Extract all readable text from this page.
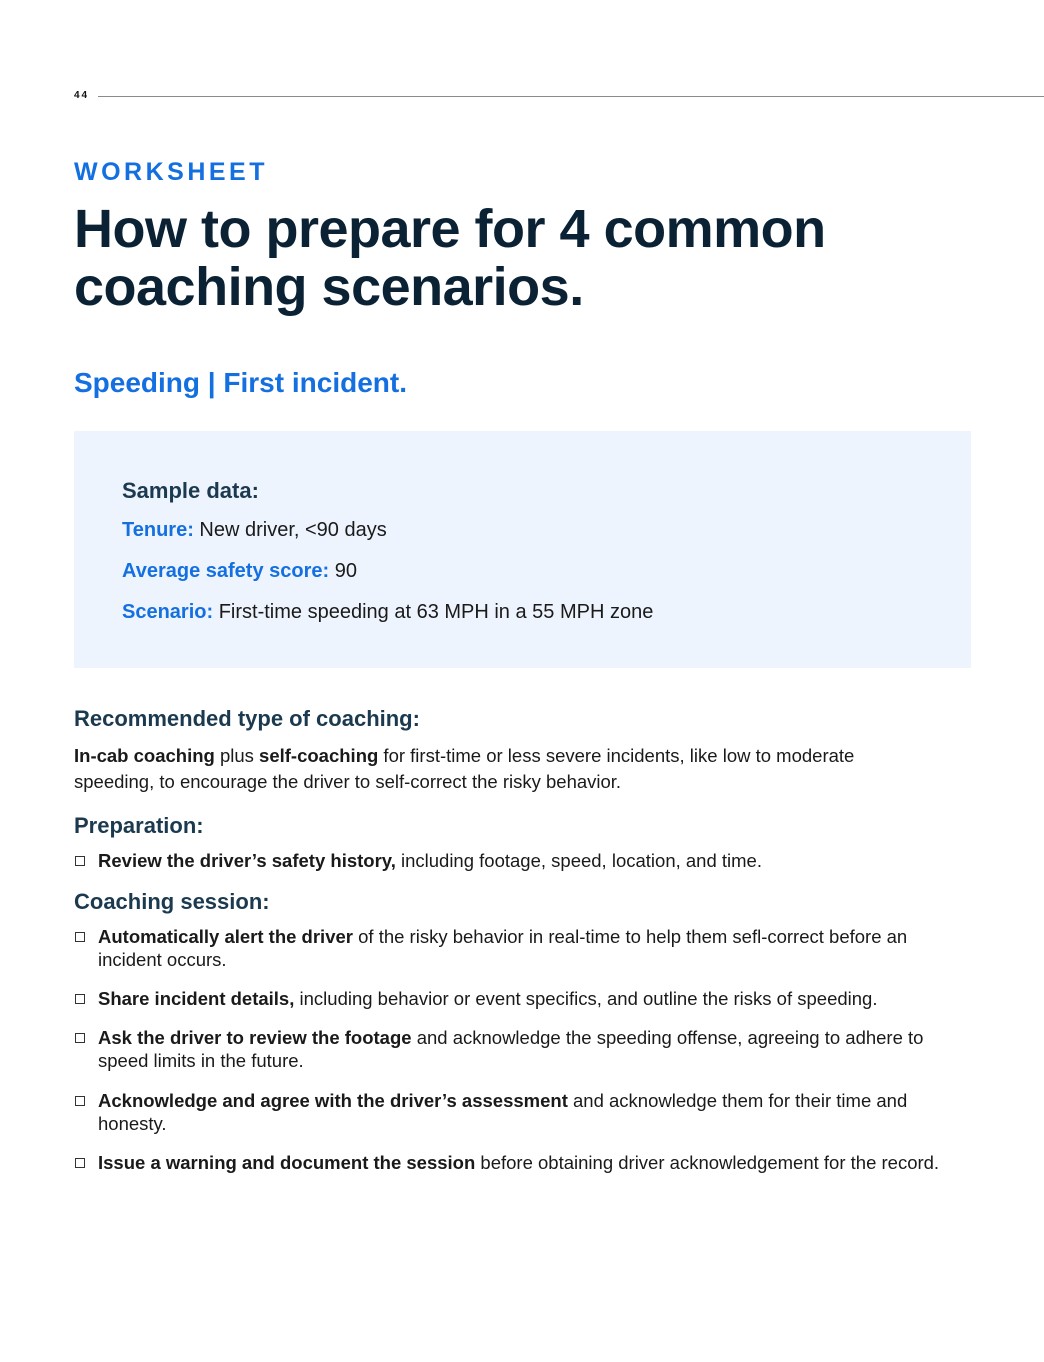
44
WORKSHEET
How to prepare for 4 common coaching scenarios.
Speeding | First incident.
Sample data:
Tenure: New driver, <90 days
Average safety score: 90
Scenario: First-time speeding at 63 MPH in a 55 MPH zone
Recommended type of coaching:
In-cab coaching plus self-coaching for first-time or less severe incidents, like low to moderate speeding, to encourage the driver to self-correct the risky behavior.
Preparation:
Review the driver’s safety history, including footage, speed, location, and time.
Coaching session:
Automatically alert the driver of the risky behavior in real-time to help them sefl-correct before an incident occurs.
Share incident details, including behavior or event specifics, and outline the risks of speeding.
Ask the driver to review the footage and acknowledge the speeding offense, agreeing to adhere to speed limits in the future.
Acknowledge and agree with the driver’s assessment and acknowledge them for their time and honesty.
Issue a warning and document the session before obtaining driver acknowledgement for the record.
